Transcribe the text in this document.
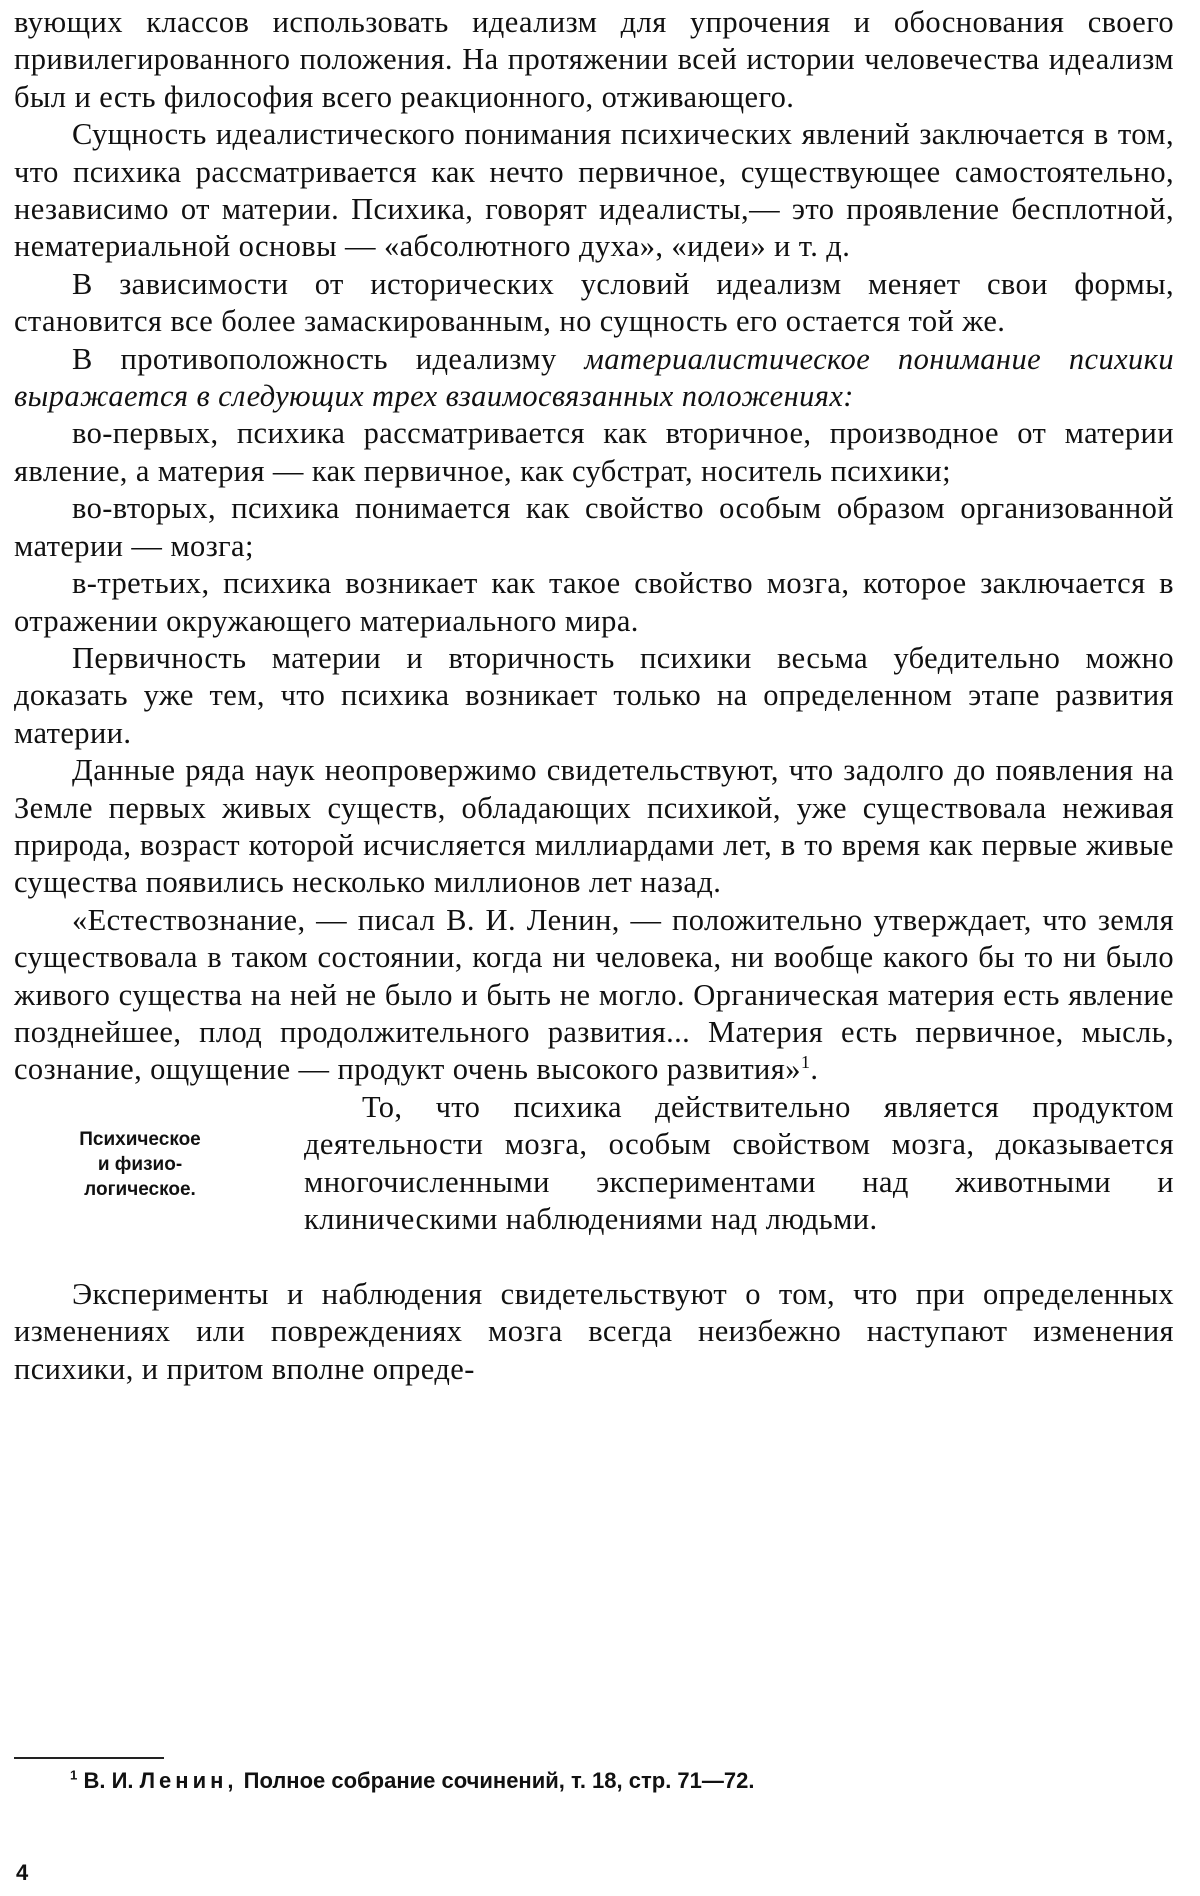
вующих классов использовать идеализм для упрочения и обоснования своего привилегированного положения. На протяжении всей истории человечества идеализм был и есть философия всего реакционного, отживающего.

Сущность идеалистического понимания психических явлений заключается в том, что психика рассматривается как нечто первичное, существующее самостоятельно, независимо от материи. Психика, говорят идеалисты,— это проявление бесплотной, нематериальной основы — «абсолютного духа», «идеи» и т. д.

В зависимости от исторических условий идеализм меняет свои формы, становится все более замаскированным, но сущность его остается той же.

В противоположность идеализму материалистическое понимание психики выражается в следующих трех взаимосвязанных положениях:

во-первых, психика рассматривается как вторичное, производное от материи явление, а материя — как первичное, как субстрат, носитель психики;

во-вторых, психика понимается как свойство особым образом организованной материи — мозга;

в-третьих, психика возникает как такое свойство мозга, которое заключается в отражении окружающего материального мира.

Первичность материи и вторичность психики весьма убедительно можно доказать уже тем, что психика возникает только на определенном этапе развития материи.

Данные ряда наук неопровержимо свидетельствуют, что задолго до появления на Земле первых живых существ, обладающих психикой, уже существовала неживая природа, возраст которой исчисляется миллиардами лет, в то время как первые живые существа появились несколько миллионов лет назад.

«Естествознание, — писал В. И. Ленин, — положительно утверждает, что земля существовала в таком состоянии, когда ни человека, ни вообще какого бы то ни было живого существа на ней не было и быть не могло. Органическая материя есть явление позднейшее, плод продолжительного развития... Материя есть первичное, мысль, сознание, ощущение — продукт очень высокого развития»$^1$.

Психическое
и физио-
логическое.

То, что психика действительно является продуктом деятельности мозга, особым свойством мозга, доказывается многочисленными экспериментами над животными и клиническими наблюдениями над людьми.

Эксперименты и наблюдения свидетельствуют о том, что при определенных изменениях или повреждениях мозга всегда неизбежно наступают изменения психики, и притом вполне опреде-

$^1$ В. И. Ленин, Полное собрание сочинений, т. 18, стр. 71—72.
4
